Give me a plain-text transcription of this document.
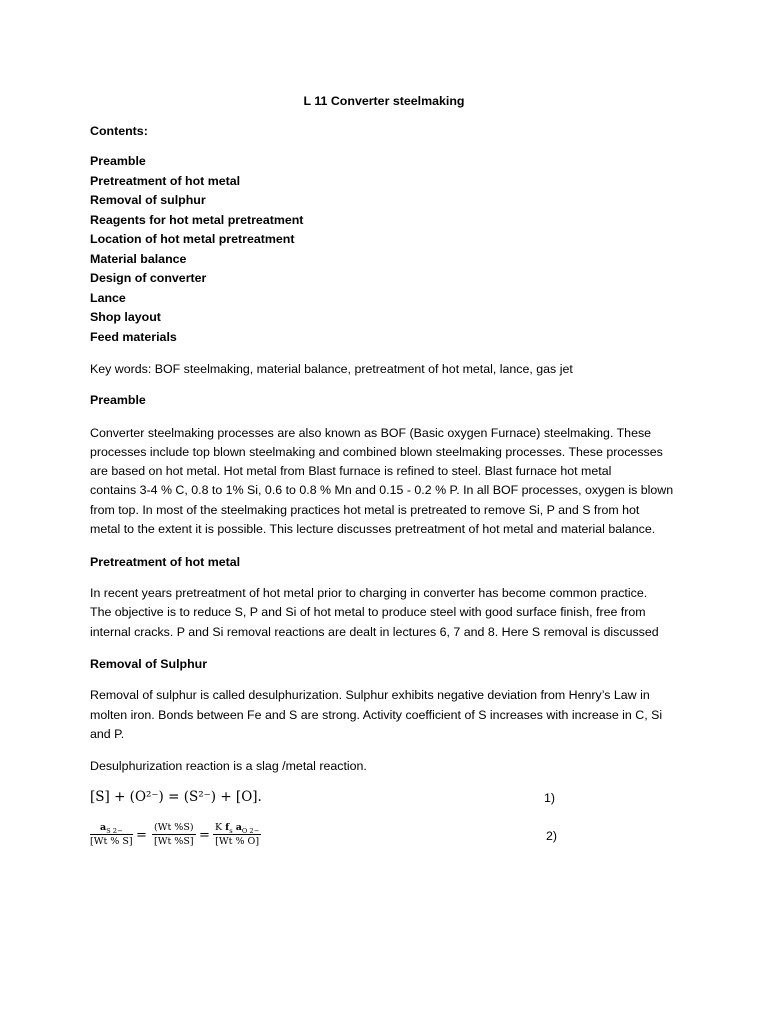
L 11 Converter steelmaking
Contents:
Preamble
Pretreatment of hot metal
Removal of sulphur
Reagents for hot metal pretreatment
Location of hot metal pretreatment
Material balance
Design of converter
Lance
Shop layout
Feed materials
Key words: BOF steelmaking, material balance, pretreatment of hot metal, lance, gas jet
Preamble
Converter steelmaking processes are also known as BOF (Basic oxygen Furnace) steelmaking. These
processes include top blown steelmaking and combined blown steelmaking processes. These processes
are based on hot metal. Hot metal from Blast furnace is refined to steel. Blast furnace hot metal
contains 3-4 % C, 0.8 to 1% Si, 0.6 to 0.8 % Mn and 0.15 - 0.2 % P. In all BOF processes, oxygen is blown
from top. In most of the steelmaking practices hot metal is pretreated to remove Si, P and S from hot
metal to the extent it is possible. This lecture discusses pretreatment of hot metal and material balance.
Pretreatment of hot metal
In recent years pretreatment of hot metal prior to charging in converter has become common practice.
The objective is to reduce S, P and Si of hot metal to produce steel with good surface finish, free from
internal cracks. P and Si removal reactions are dealt in lectures 6, 7 and 8. Here S removal is discussed
Removal of Sulphur
Removal of sulphur is called desulphurization. Sulphur exhibits negative deviation from Henry’s Law in
molten iron. Bonds between Fe and S are strong. Activity coefficient of S increases with increase in C, Si
and P.
Desulphurization reaction is a slag /metal reaction.
[S] + (O²⁻) = (S²⁻) + [O].	1)
$\frac{a_{S 2-}}{[Wt \% S]} = \frac{(Wt \%S)}{[Wt \%S]} = \frac{K f_s a_{O 2-}}{[Wt \% O]}$	2)
